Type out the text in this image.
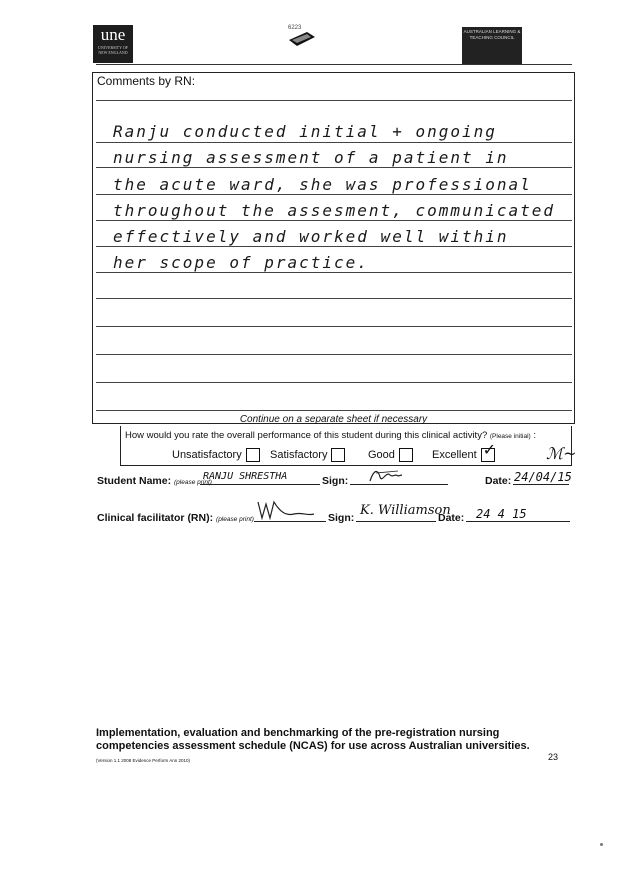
une
UNIVERSITY OF NEW ENGLAND
6223
AUSTRALIAN LEARNING & TEACHING COUNCIL
Comments by RN:
Ranju conducted initial + ongoing
nursing assessment of a patient in
the acute ward, she was professional
throughout the assesment, communicated
effectively and worked well within
her scope of practice.
Continue on a separate sheet if necessary
How would you rate the overall performance of this student during this clinical activity? (Please initial) :
Unsatisfactory	Satisfactory	Good	Excellent ✓	ℳ~
Student Name: (please print)
RANJU SHRESTHA	Sign:	Date: 24/04/15
Clinical facilitator (RN): (please print)	Sign: K. Williamson
Date: 24 4 15
Implementation, evaluation and benchmarking of the pre-registration nursing competencies assessment schedule (NCAS) for use across Australian universities. (Version 1.1 2008 Evidence Perform Ann 2010)	23
